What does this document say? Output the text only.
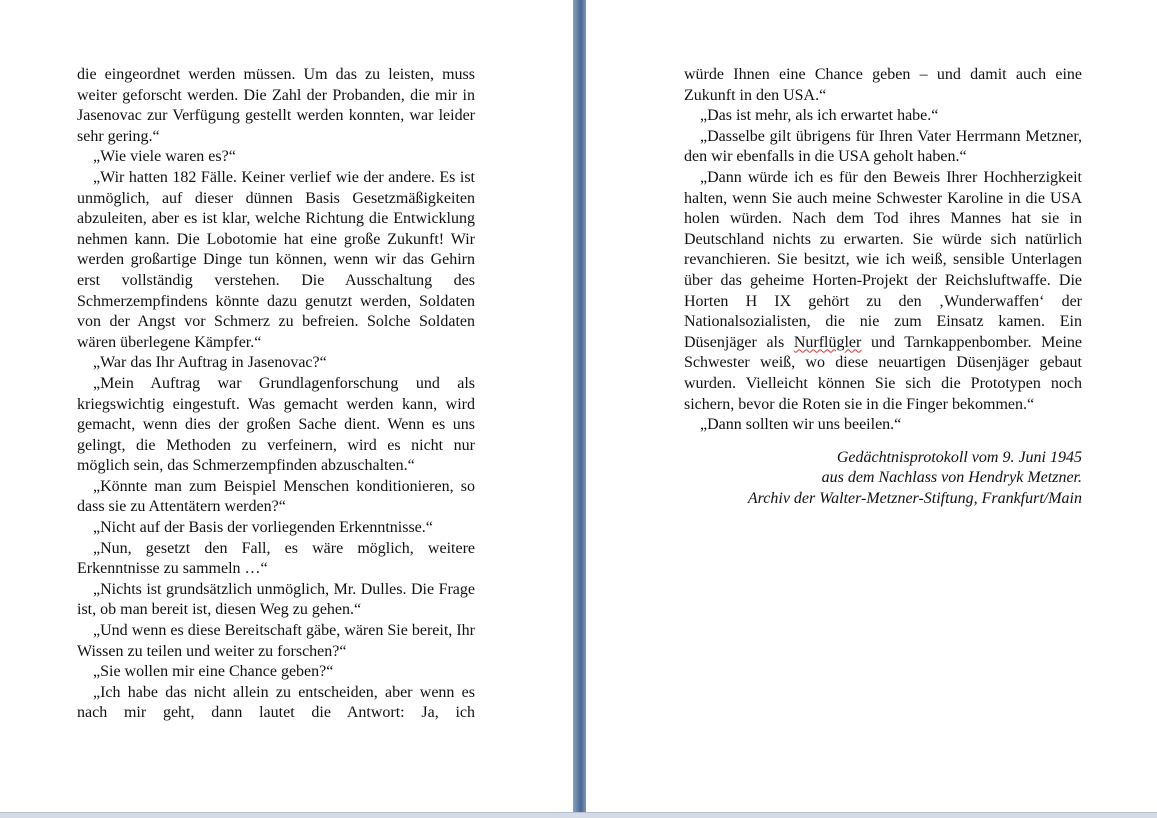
die eingeordnet werden müssen. Um das zu leisten, muss weiter geforscht werden. Die Zahl der Probanden, die mir in Jasenovac zur Verfügung gestellt werden konnten, war leider sehr gering.“

„Wie viele waren es?“

„Wir hatten 182 Fälle. Keiner verlief wie der andere. Es ist unmöglich, auf dieser dünnen Basis Gesetzmäßigkeiten abzuleiten, aber es ist klar, welche Richtung die Entwicklung nehmen kann. Die Lobotomie hat eine große Zukunft! Wir werden großartige Dinge tun können, wenn wir das Gehirn erst vollständig verstehen. Die Ausschaltung des Schmerzempfindens könnte dazu genutzt werden, Soldaten von der Angst vor Schmerz zu befreien. Solche Soldaten wären überlegene Kämpfer.“

„War das Ihr Auftrag in Jasenovac?“

„Mein Auftrag war Grundlagenforschung und als kriegswichtig eingestuft. Was gemacht werden kann, wird gemacht, wenn dies der großen Sache dient. Wenn es uns gelingt, die Methoden zu verfeinern, wird es nicht nur möglich sein, das Schmerzempfinden abzuschalten.“

„Könnte man zum Beispiel Menschen konditionieren, so dass sie zu Attentätern werden?“

„Nicht auf der Basis der vorliegenden Erkenntnisse.“

„Nun, gesetzt den Fall, es wäre möglich, weitere Erkenntnisse zu sammeln …“

„Nichts ist grundsätzlich unmöglich, Mr. Dulles. Die Frage ist, ob man bereit ist, diesen Weg zu gehen.“

„Und wenn es diese Bereitschaft gäbe, wären Sie bereit, Ihr Wissen zu teilen und weiter zu forschen?“

„Sie wollen mir eine Chance geben?“

„Ich habe das nicht allein zu entscheiden, aber wenn es nach mir geht, dann lautet die Antwort: Ja, ich

würde Ihnen eine Chance geben – und damit auch eine Zukunft in den USA.“

„Das ist mehr, als ich erwartet habe.“

„Dasselbe gilt übrigens für Ihren Vater Herrmann Metzner, den wir ebenfalls in die USA geholt haben.“

„Dann würde ich es für den Beweis Ihrer Hochherzigkeit halten, wenn Sie auch meine Schwester Karoline in die USA holen würden. Nach dem Tod ihres Mannes hat sie in Deutschland nichts zu erwarten. Sie würde sich natürlich revanchieren. Sie besitzt, wie ich weiß, sensible Unterlagen über das geheime Horten-Projekt der Reichsluftwaffe. Die Horten H IX gehört zu den ‚Wunderwaffen‘ der Nationalsozialisten, die nie zum Einsatz kamen. Ein Düsenjäger als Nurflügler und Tarnkappenbomber. Meine Schwester weiß, wo diese neuartigen Düsenjäger gebaut wurden. Vielleicht können Sie sich die Prototypen noch sichern, bevor die Roten sie in die Finger bekommen.“

„Dann sollten wir uns beeilen.“

Gedächtnisprotokoll vom 9. Juni 1945
aus dem Nachlass von Hendryk Metzner.
Archiv der Walter-Metzner-Stiftung, Frankfurt/Main
